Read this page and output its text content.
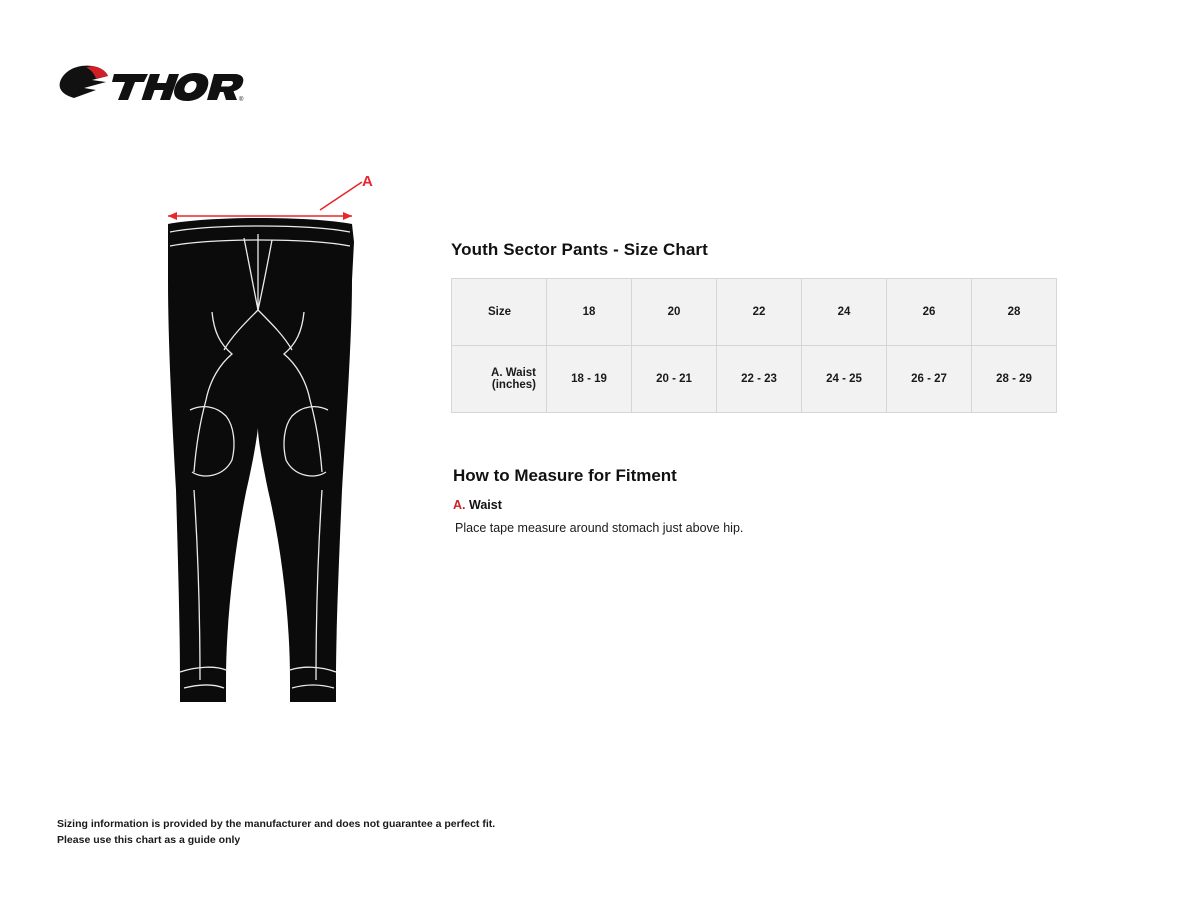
®
A
Youth Sector Pants - Size Chart
Size	18	20	22	24	26	28
A. Waist (inches)	18 - 19	20 - 21	22 - 23	24 - 25	26 - 27	28 - 29
How to Measure for Fitment

A. Waist

Place tape measure around stomach just above hip.

Sizing information is provided by the manufacturer and does not guarantee a perfect fit.
Please use this chart as a guide only
